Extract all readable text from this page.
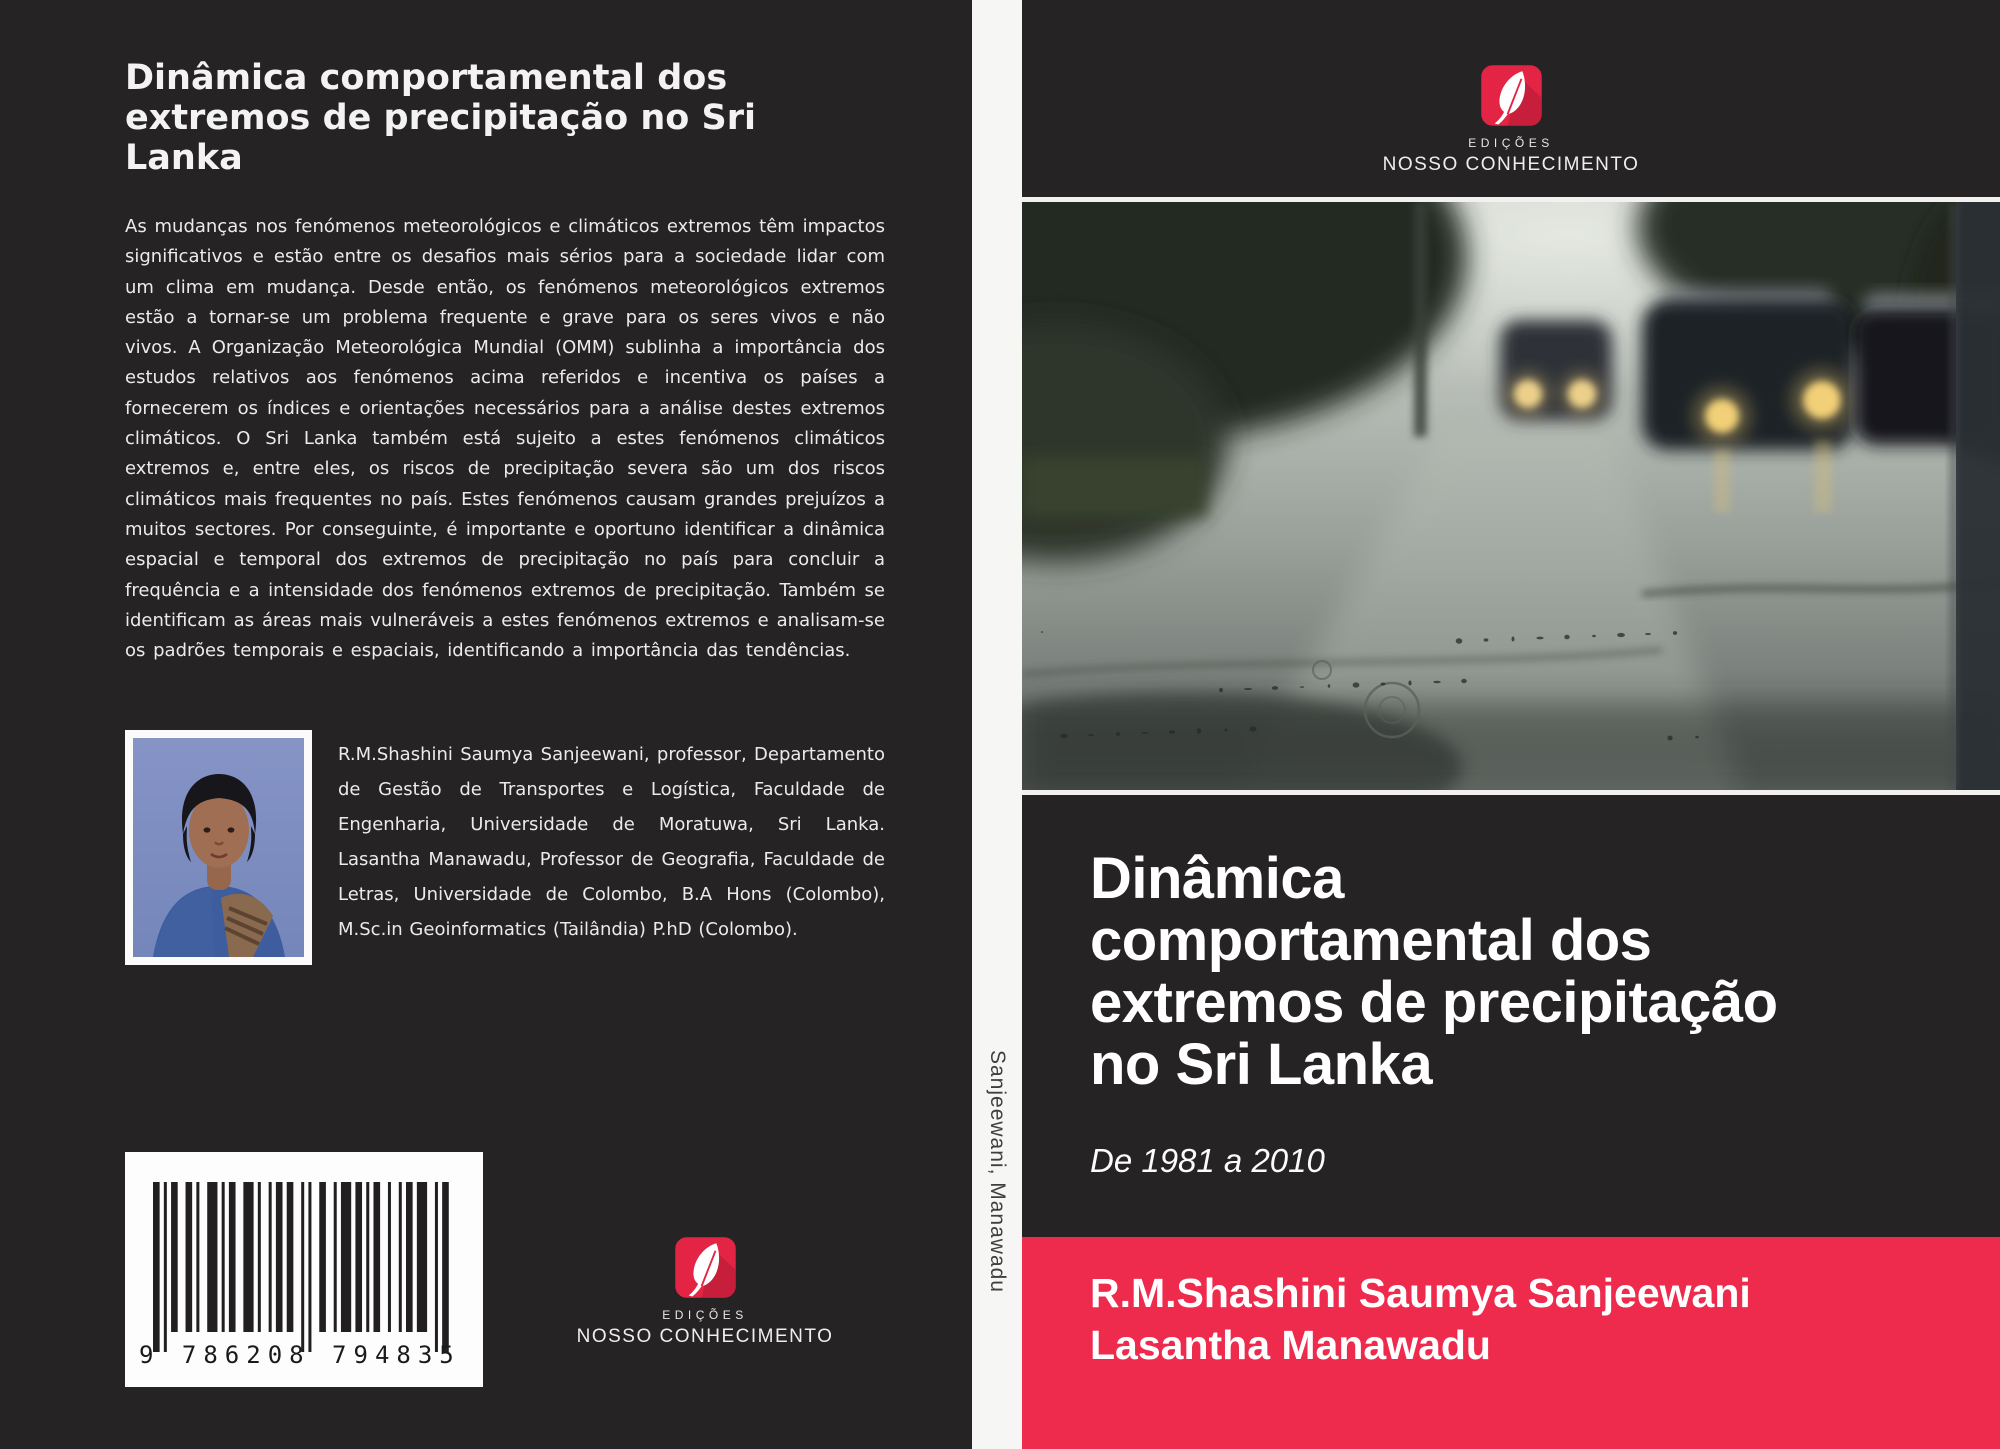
Dinâmica comportamental dos
extremos de precipitação no Sri
Lanka
As mudanças nos fenómenos meteorológicos e climáticos extremos têm impactos significativos e estão entre os desafios mais sérios para a sociedade lidar com um clima em mudança. Desde então, os fenómenos meteorológicos extremos estão a tornar-se um problema frequente e grave para os seres vivos e não vivos. A Organização Meteorológica Mundial (OMM) sublinha a importância dos estudos relativos aos fenómenos acima referidos e incentiva os países a fornecerem os índices e orientações necessários para a análise destes extremos climáticos. O Sri Lanka também está sujeito a estes fenómenos climáticos extremos e, entre eles, os riscos de precipitação severa são um dos riscos climáticos mais frequentes no país. Estes fenómenos causam grandes prejuízos a muitos sectores. Por conseguinte, é importante e oportuno identificar a dinâmica espacial e temporal dos extremos de precipitação no país para concluir a frequência e a intensidade dos fenómenos extremos de precipitação. Também se identificam as áreas mais vulneráveis a estes fenómenos extremos e analisam-se os padrões temporais e espaciais, identificando a importância das tendências.
R.M.Shashini Saumya Sanjeewani, professor, Departamento de Gestão de Transportes e Logística, Faculdade de Engenharia, Universidade de Moratuwa, Sri Lanka. Lasantha Manawadu, Professor de Geografia, Faculdade de Letras, Universidade de Colombo, B.A Hons (Colombo), M.Sc.in Geoinformatics (Tailândia) P.hD (Colombo).
9 786208 794835
EDIÇÕES
NOSSO CONHECIMENTO
Sanjeewani, Manawadu
EDIÇÕES
NOSSO CONHECIMENTO
Dinâmica
comportamental dos
extremos de precipitação
no Sri Lanka
De 1981 a 2010
R.M.Shashini Saumya Sanjeewani
Lasantha Manawadu
